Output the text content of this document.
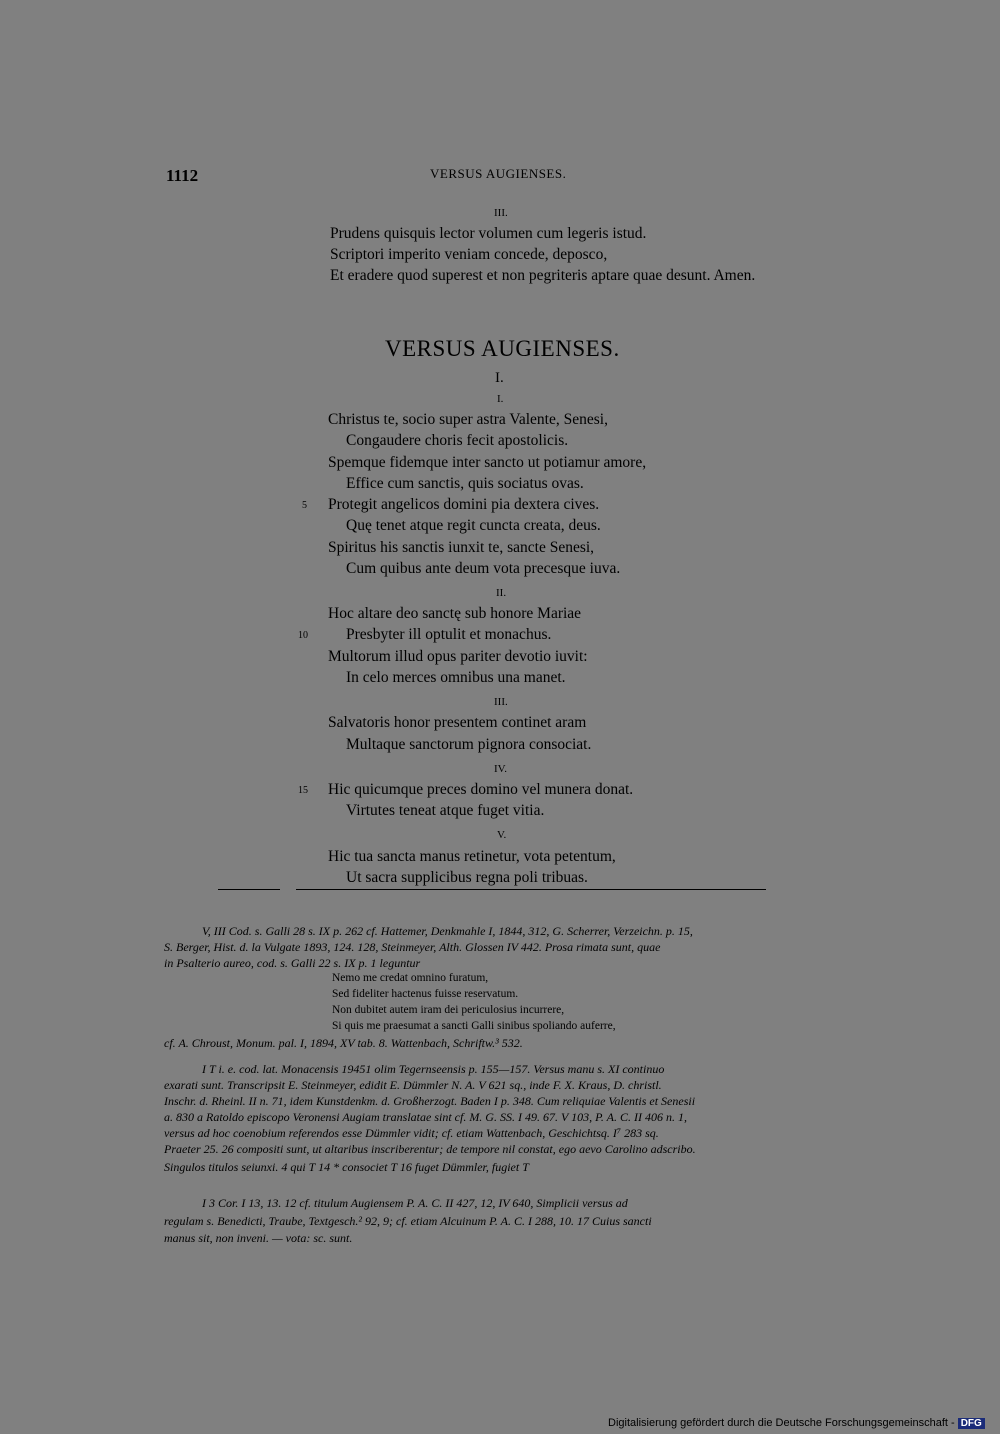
1112	VERSUS AUGIENSES.
III.
Prudens quisquis lector volumen cum legeris istud.
Scriptori imperito veniam concede, deposco,
Et eradere quod superest et non pegriteris aptare quae desunt. Amen.
VERSUS AUGIENSES.
I.
I.
Christus te, socio super astra Valente, Senesi,
Congaudere choris fecit apostolicis.
Spemque fidemque inter sancto ut potiamur amore,
Effice cum sanctis, quis sociatus ovas.
5 Protegit angelicos domini pia dextera cives.
Quę tenet atque regit cuncta creata, deus.
Spiritus his sanctis iunxit te, sancte Senesi,
Cum quibus ante deum vota precesque iuva.
II.
Hoc altare deo sanctę sub honore Mariae
10 Presbyter ill optulit et monachus.
Multorum illud opus pariter devotio iuvit:
In celo merces omnibus una manet.
III.
Salvatoris honor presentem continet aram
Multaque sanctorum pignora consociat.
IV.
15 Hic quicumque preces domino vel munera donat.
Virtutes teneat atque fuget vitia.
V.
Hic tua sancta manus retinetur, vota petentum,
Ut sacra supplicibus regna poli tribuas.
V, III Cod. s. Galli 28 s. IX p. 262 cf. Hattemer, Denkmahle I, 1844, 312, G. Scherrer, Verzeichn. p. 15,
S. Berger, Hist. d. la Vulgate 1893, 124. 128, Steinmeyer, Alth. Glossen IV 442. Prosa rimata sunt, quae
in Psalterio aureo, cod. s. Galli 22 s. IX p. 1 leguntur
Nemo me credat omnino furatum,
Sed fideliter hactenus fuisse reservatum.
Non dubitet autem iram dei periculosius incurrere,
Si quis me praesumat a sancti Galli sinibus spoliando auferre,
cf. A. Chroust, Monum. pal. I, 1894, XV tab. 8. Wattenbach, Schriftw.³ 532.
I T i. e. cod. lat. Monacensis 19451 olim Tegernseensis p. 155—157. Versus manu s. XI continuo
exarati sunt. Transcripsit E. Steinmeyer, edidit E. Dümmler N. A. V 621 sq., inde F. X. Kraus, D. christl.
Inschr. d. Rheinl. II n. 71, idem Kunstdenkm. d. Großherzogt. Baden I p. 348. Cum reliquiae Valentis et Senesii
a. 830 a Ratoldo episcopo Veronensi Augiam translatae sint cf. M. G. SS. I 49. 67. V 103, P. A. C. II 406 n. 1,
versus ad hoc coenobium referendos esse Dümmler vidit; cf. etiam Wattenbach, Geschichtsq. I⁷ 283 sq.
Praeter 25. 26 compositi sunt, ut altaribus inscriberentur; de tempore nil constat, ego aevo Carolino adscribo.
Singulos titulos seiunxi. 4 qui T 14 * consociet T 16 fuget Dümmler, fugiet T
I 3 Cor. I 13, 13. 12 cf. titulum Augiensem P. A. C. II 427, 12, IV 640, Simplicii versus ad
regulam s. Benedicti, Traube, Textgesch.² 92, 9; cf. etiam Alcuinum P. A. C. I 288, 10. 17 Cuius sancti
manus sit, non inveni. — vota: sc. sunt.
Digitalisierung gefördert durch die Deutsche Forschungsgemeinschaft - DFG
